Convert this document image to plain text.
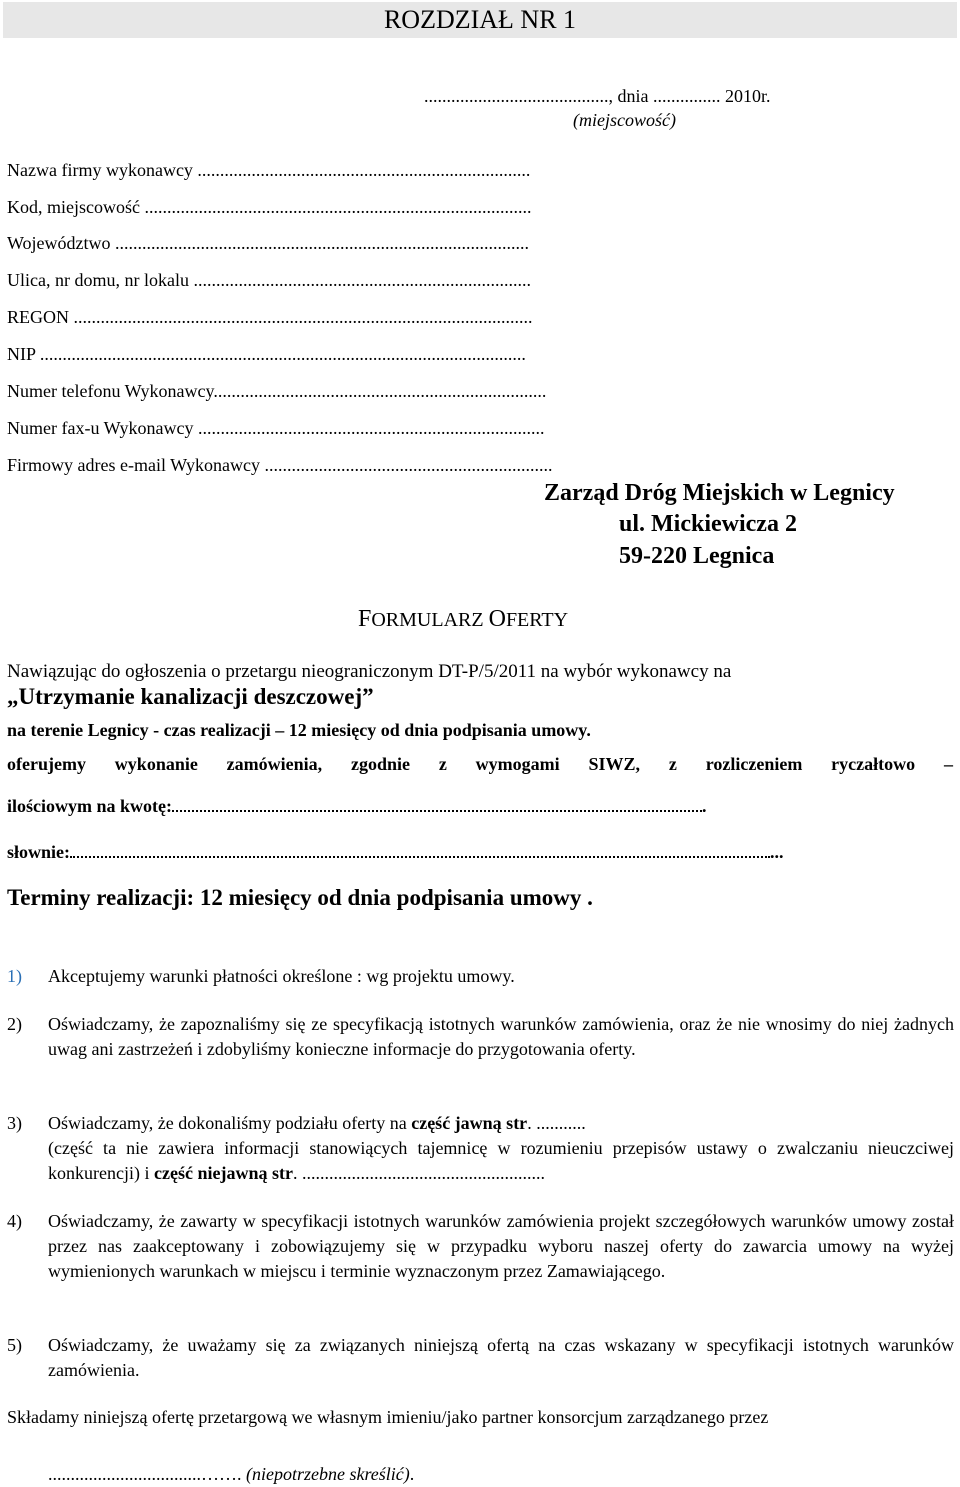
ROZDZIAŁ NR 1
........................................., dnia ............... 2010r.
(miejscowość)
Nazwa firmy wykonawcy ..........................................................................
Kod, miejscowość ......................................................................................
Województwo ............................................................................................
Ulica, nr domu, nr lokalu ...........................................................................
REGON ......................................................................................................
NIP ............................................................................................................
Numer telefonu Wykonawcy..........................................................................
Numer fax-u Wykonawcy .............................................................................
Firmowy adres e-mail Wykonawcy ................................................................
Zarząd Dróg Miejskich w Legnicy
ul. Mickiewicza 2
59-220 Legnica
FORMULARZ OFERTY
Nawiązując do ogłoszenia o przetargu nieograniczonym DT-P/5/2011 na wybór wykonawcy na
„Utrzymanie kanalizacji deszczowej”
na terenie Legnicy - czas realizacji – 12 miesięcy od dnia podpisania umowy.
oferujemy wykonanie zamówienia, zgodnie z wymogami SIWZ, z rozliczeniem ryczałtowo –
ilościowym na kwotę:	.
słownie:	...
Terminy realizacji: 12 miesięcy od dnia podpisania umowy .
1) Akceptujemy warunki płatności określone : wg projektu umowy.
2) Oświadczamy, że zapoznaliśmy się ze specyfikacją istotnych warunków zamówienia, oraz że nie wnosimy do niej żadnych uwag ani zastrzeżeń i zdobyliśmy konieczne informacje do przygotowania oferty.
3) Oświadczamy, że dokonaliśmy podziału oferty na część jawną str. ...........
(część ta nie zawiera informacji stanowiących tajemnicę w rozumieniu przepisów ustawy o zwalczaniu nieuczciwej konkurencji) i część niejawną str. ......................................................
4) Oświadczamy, że zawarty w specyfikacji istotnych warunków zamówienia projekt szczegółowych warunków umowy został przez nas zaakceptowany i zobowiązujemy się w przypadku wyboru naszej oferty do zawarcia umowy na wyżej wymienionych warunkach w miejscu i terminie wyznaczonym przez Zamawiającego.
5) Oświadczamy, że uważamy się za związanych niniejszą ofertą na czas wskazany w specyfikacji istotnych warunków zamówienia.
Składamy niniejszą ofertę przetargową we własnym imieniu/jako partner konsorcjum zarządzanego przez
..................................……. (niepotrzebne skreślić).
